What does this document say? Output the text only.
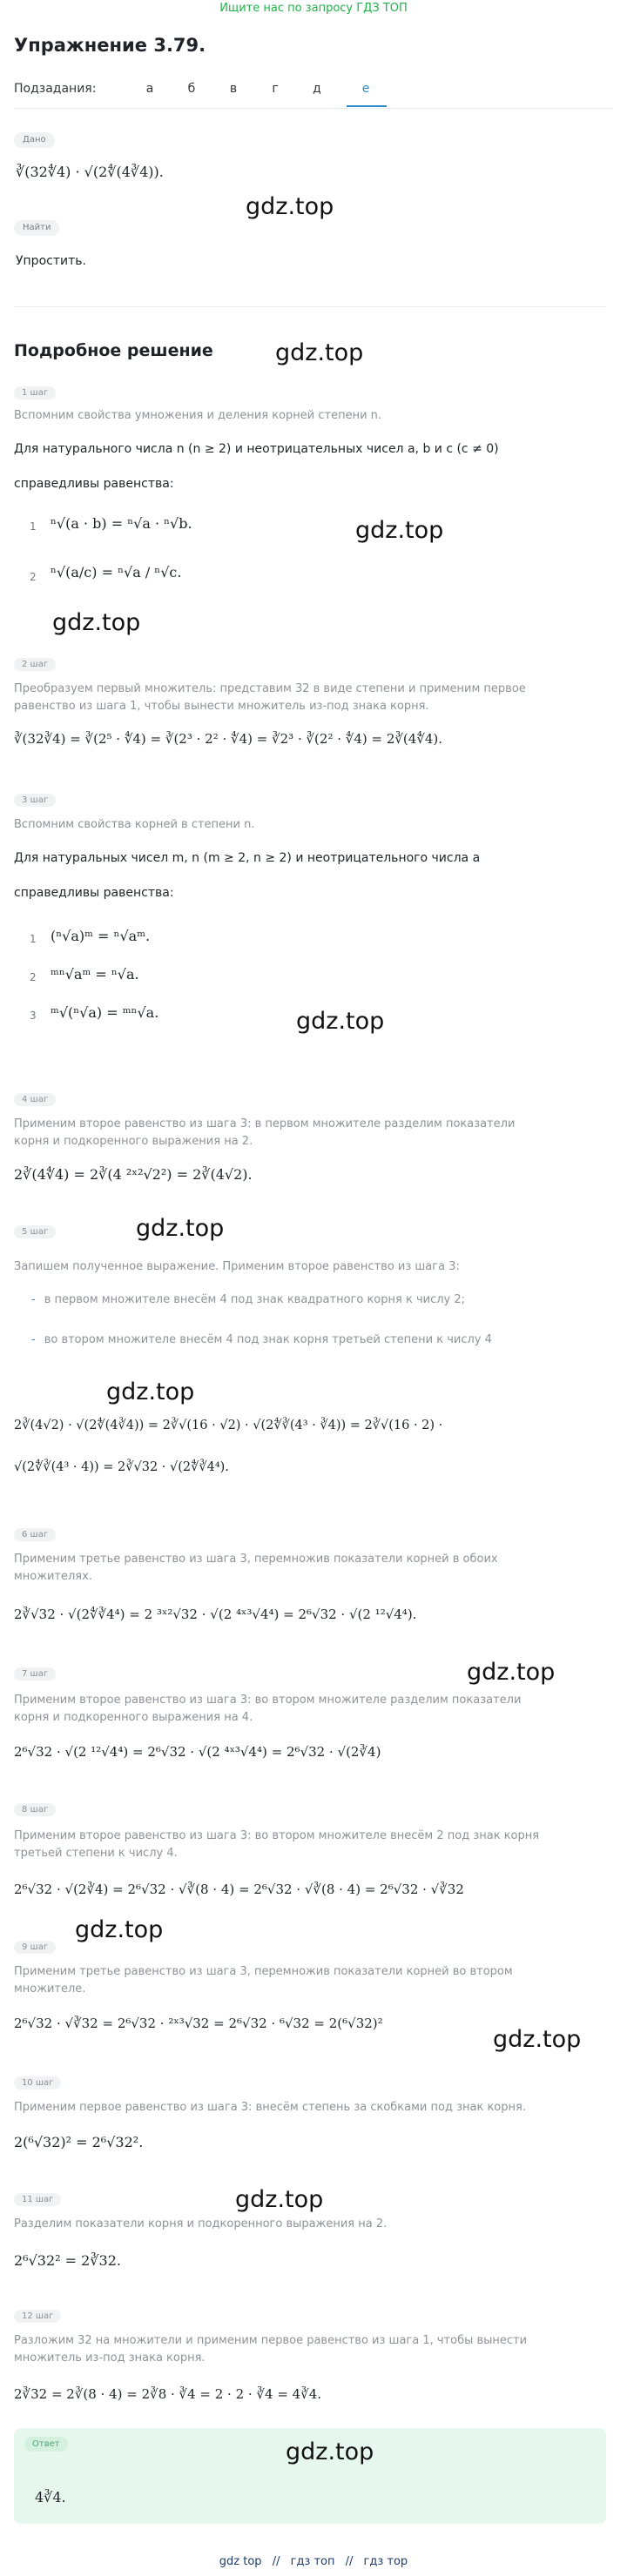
Ищите нас по запросу ГДЗ ТОП
Упражнение 3.79.
Подзадания:	а	б	в	г	д	е
Дано
∛(32∜4) · √(2∜(4∛4)).
Найти
Упростить.
gdz.top
Подробное решение	gdz.top
1 шаг
Вспомним свойства умножения и деления корней степени n.
Для натурального числа n (n ≥ 2) и неотрицательных чисел a, b и c (c ≠ 0)
справедливы равенства:
1 ⁿ√(a · b) = ⁿ√a · ⁿ√b.
2 ⁿ√(a/c) = ⁿ√a / ⁿ√c.
gdz.top
gdz.top
2 шаг
Преобразуем первый множитель: представим 32 в виде степени и применим первое
равенство из шага 1, чтобы вынести множитель из-под знака корня.
∛(32∛4) = ∛(2⁵ · ∜4) = ∛(2³ · 2² · ∜4) = ∛2³ · ∛(2² · ∜4) = 2∛(4∜4).
3 шаг
Вспомним свойства корней в степени n.
Для натуральных чисел m, n (m ≥ 2, n ≥ 2) и неотрицательного числа a
справедливы равенства:
1 (ⁿ√a)ᵐ = ⁿ√aᵐ.
2 ᵐⁿ√aᵐ = ⁿ√a.
3 ᵐ√(ⁿ√a) = ᵐⁿ√a.	gdz.top
4 шаг
Применим второе равенство из шага 3: в первом множителе разделим показатели
корня и подкоренного выражения на 2.
2∛(4∜4) = 2∛(4 ²ˣ²√2²) = 2∛(4√2).
5 шаг	gdz.top
Запишем полученное выражение. Применим второе равенство из шага 3:
- в первом множителе внесём 4 под знак квадратного корня к числу 2;
- во втором множителе внесём 4 под знак корня третьей степени к числу 4
gdz.top
2∛(4√2) · √(2∜(4∛4)) = 2∛√(16 · √2) · √(2∜∛(4³ · ∛4)) = 2∛√(16 · 2) ·
√(2∜∛(4³ · 4)) = 2∛√32 · √(2∜∛4⁴).
6 шаг
Применим третье равенство из шага 3, перемножив показатели корней в обоих
множителях.
2∛√32 · √(2∜∛4⁴) = 2 ³ˣ²√32 · √(2 ⁴ˣ³√4⁴) = 2⁶√32 · √(2 ¹²√4⁴).
7 шаг	gdz.top
Применим второе равенство из шага 3: во втором множителе разделим показатели
корня и подкоренного выражения на 4.
2⁶√32 · √(2 ¹²√4⁴) = 2⁶√32 · √(2 ⁴ˣ³√4⁴) = 2⁶√32 · √(2∛4)
8 шаг
Применим второе равенство из шага 3: во втором множителе внесём 2 под знак корня
третьей степени к числу 4.
2⁶√32 · √(2∛4) = 2⁶√32 · √∛(8 · 4) = 2⁶√32 · √∛(8 · 4) = 2⁶√32 · √∛32
gdz.top
9 шаг
Применим третье равенство из шага 3, перемножив показатели корней во втором
множителе.
2⁶√32 · √∛32 = 2⁶√32 · ²ˣ³√32 = 2⁶√32 · ⁶√32 = 2(⁶√32)²
gdz.top
10 шаг
Применим первое равенство из шага 3: внесём степень за скобками под знак корня.
2(⁶√32)² = 2⁶√32².
gdz.top
11 шаг
Разделим показатели корня и подкоренного выражения на 2.
2⁶√32² = 2∛32.
12 шаг
Разложим 32 на множители и применим первое равенство из шага 1, чтобы вынести
множитель из-под знака корня.
2∛32 = 2∛(8 · 4) = 2∛8 · ∛4 = 2 · 2 · ∛4 = 4∛4.
Ответ
4∛4.
gdz.top
gdz top // гдз топ // гдз тор
